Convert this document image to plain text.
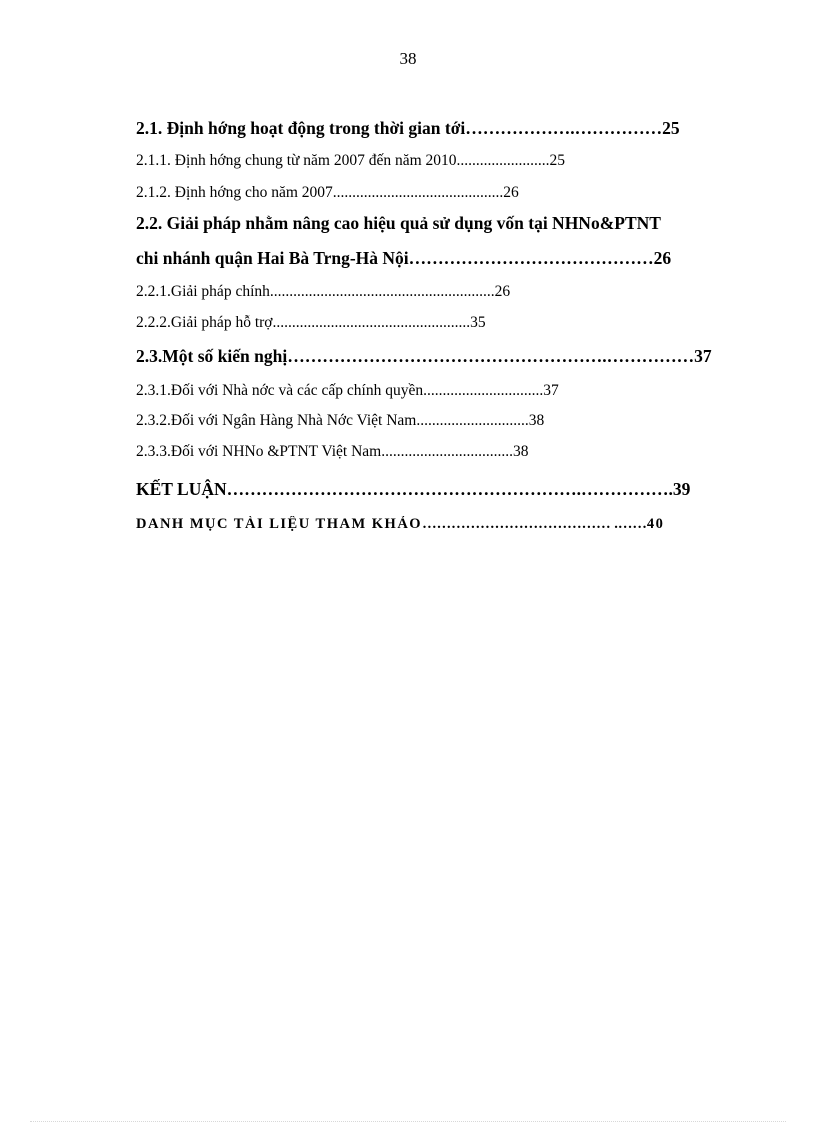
38
2.1. Định hớng hoạt động trong thời gian tới……………….……………25
2.1.1. Định hớng chung từ năm 2007 đến năm 2010........................25
2.1.2. Định hớng cho năm 2007............................................26
2.2. Giải pháp nhằm nâng cao hiệu quả sử dụng vốn tại NHNo&PTNT
chi nhánh quận Hai Bà Trng-Hà Nội……………………………………26
2.2.1.Giải pháp chính..........................................................26
2.2.2.Giải pháp hỗ trợ...................................................35
2.3.Một số kiến nghị……………………………………………….……………37
2.3.1.Đối với Nhà nớc và các cấp chính quyền...............................37
2.3.2.Đối với Ngân Hàng Nhà Nớc Việt Nam.............................38
2.3.3.Đối với NHNo &PTNT Việt Nam..................................38
KẾT LUẬN…………………………………………………….…………….39
DANH MỤC TÀI LIỆU THAM KHẢO………………………………… .……40
